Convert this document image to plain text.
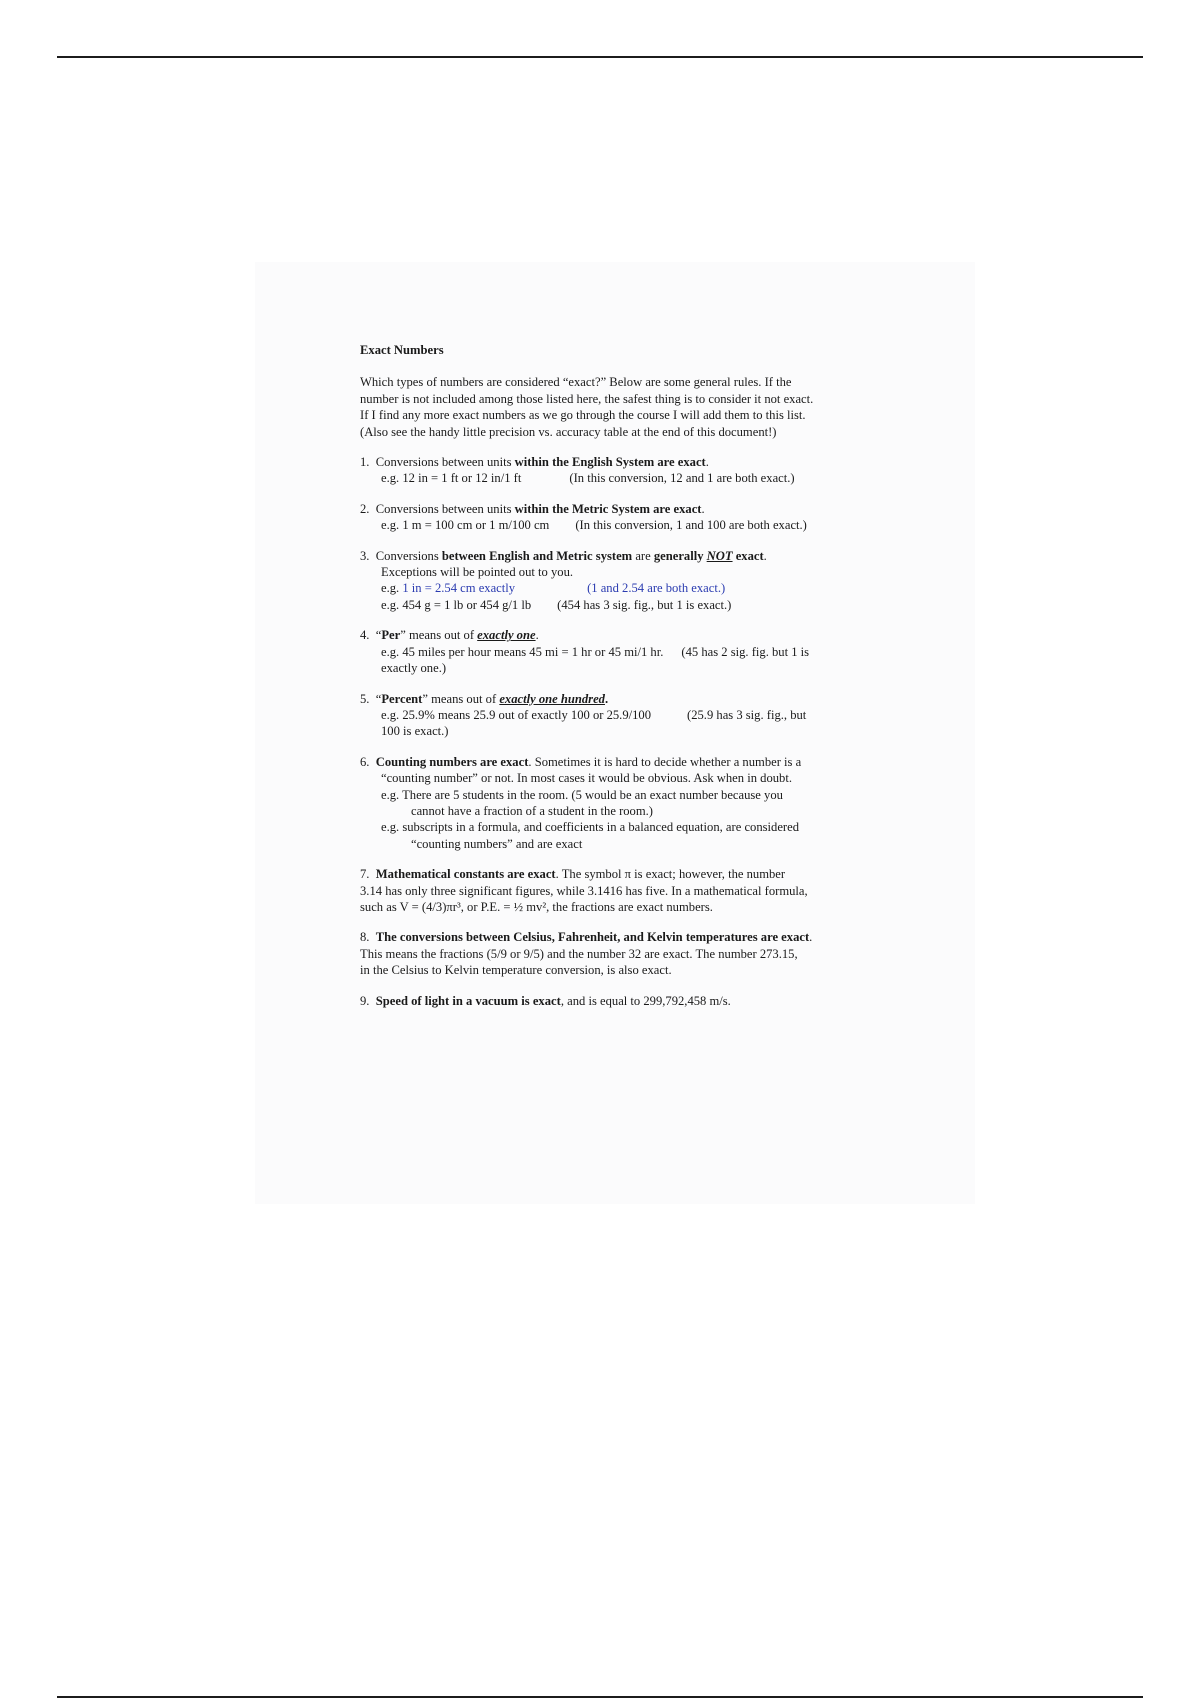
Exact Numbers
Which types of numbers are considered “exact?” Below are some general rules. If the
number is not included among those listed here, the safest thing is to consider it not exact.
If I find any more exact numbers as we go through the course I will add them to this list.
(Also see the handy little precision vs. accuracy table at the end of this document!)
1. Conversions between units within the English System are exact.
e.g. 12 in = 1 ft or 12 in/1 ft	(In this conversion, 12 and 1 are both exact.)
2. Conversions between units within the Metric System are exact.
e.g. 1 m = 100 cm or 1 m/100 cm (In this conversion, 1 and 100 are both exact.)
3. Conversions between English and Metric system are generally NOT exact.
Exceptions will be pointed out to you.
e.g. 1 in = 2.54 cm exactly	(1 and 2.54 are both exact.)
e.g. 454 g = 1 lb or 454 g/1 lb (454 has 3 sig. fig., but 1 is exact.)
4. “Per” means out of exactly one.
e.g. 45 miles per hour means 45 mi = 1 hr or 45 mi/1 hr. (45 has 2 sig. fig. but 1 is
exactly one.)
5. “Percent” means out of exactly one hundred.
e.g. 25.9% means 25.9 out of exactly 100 or 25.9/100	(25.9 has 3 sig. fig., but
100 is exact.)
6. Counting numbers are exact. Sometimes it is hard to decide whether a number is a
“counting number” or not. In most cases it would be obvious. Ask when in doubt.
e.g. There are 5 students in the room. (5 would be an exact number because you
cannot have a fraction of a student in the room.)
e.g. subscripts in a formula, and coefficients in a balanced equation, are considered
“counting numbers” and are exact
7. Mathematical constants are exact. The symbol π is exact; however, the number
3.14 has only three significant figures, while 3.1416 has five. In a mathematical formula,
such as V = (4/3)πr³, or P.E. = ½ mv², the fractions are exact numbers.
8. The conversions between Celsius, Fahrenheit, and Kelvin temperatures are exact.
This means the fractions (5/9 or 9/5) and the number 32 are exact. The number 273.15,
in the Celsius to Kelvin temperature conversion, is also exact.
9. Speed of light in a vacuum is exact, and is equal to 299,792,458 m/s.
